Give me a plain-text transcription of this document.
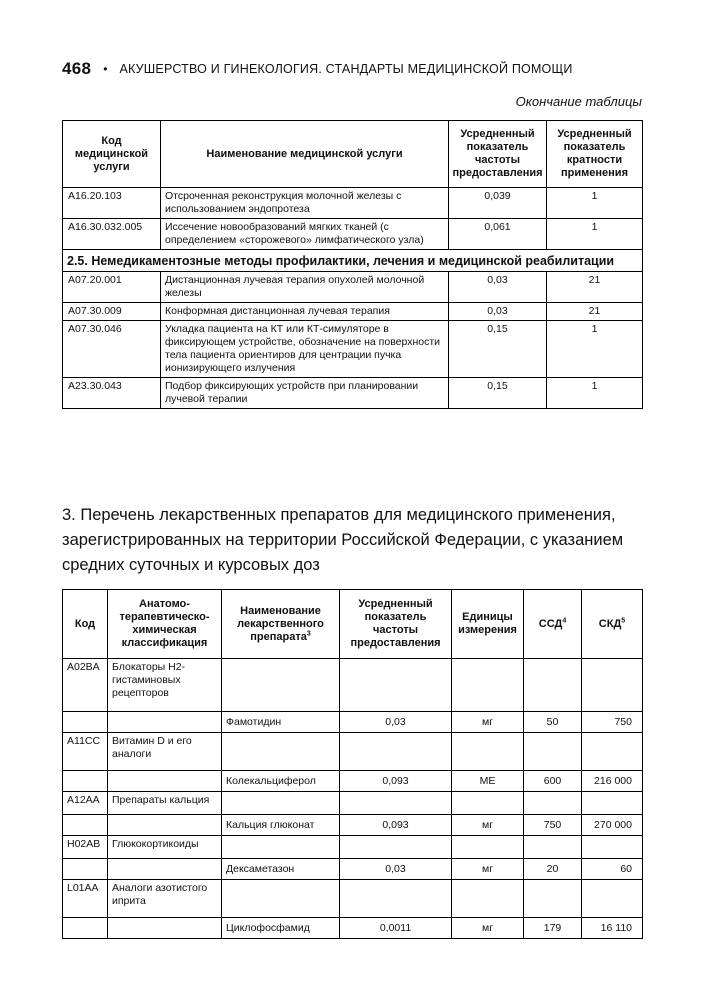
468 • АКУШЕРСТВО И ГИНЕКОЛОГИЯ. СТАНДАРТЫ МЕДИЦИНСКОЙ ПОМОЩИ
Окончание таблицы
Код медицинской услуги	Наименование медицинской услуги	Усредненный показатель частоты предоставления	Усредненный показатель кратности применения
A16.20.103	Отсроченная реконструкция молочной железы с использованием эндопротеза	0,039	1
A16.30.032.005	Иссечение новообразований мягких тканей (с определением «сторожевого» лимфатического узла)	0,061	1
2.5. Немедикаментозные методы профилактики, лечения и медицинской реабилитации			
A07.20.001	Дистанционная лучевая терапия опухолей молочной железы	0,03	21
A07.30.009	Конформная дистанционная лучевая терапия	0,03	21
A07.30.046	Укладка пациента на КТ или КТ-симуляторе в фиксирующем устройстве, обозначение на поверхности тела пациента ориентиров для центрации пучка ионизирующего излучения	0,15	1
A23.30.043	Подбор фиксирующих устройств при планировании лучевой терапии	0,15	1
3. Перечень лекарственных препаратов для медицинского применения, зарегистрированных на территории Российской Федерации, с указанием средних суточных и курсовых доз
Код	Анатомо-терапевтическо-химическая классификация	Наименование лекарственного препарата$^3$	Усредненный показатель частоты предоставления	Единицы измерения	ССД$^4$	СКД$^5$
A02BA	Блокаторы H2-гистаминовых рецепторов					
		Фамотидин	0,03	мг	50	750
A11CC	Витамин D и его аналоги					
		Колекальциферол	0,093	МЕ	600	216 000
A12AA	Препараты кальция					
		Кальция глюконат	0,093	мг	750	270 000
H02AB	Глюкокортикоиды					
		Дексаметазон	0,03	мг	20	60
L01AA	Аналоги азотистого иприта					
		Циклофосфамид	0,0011	мг	179	16 110
